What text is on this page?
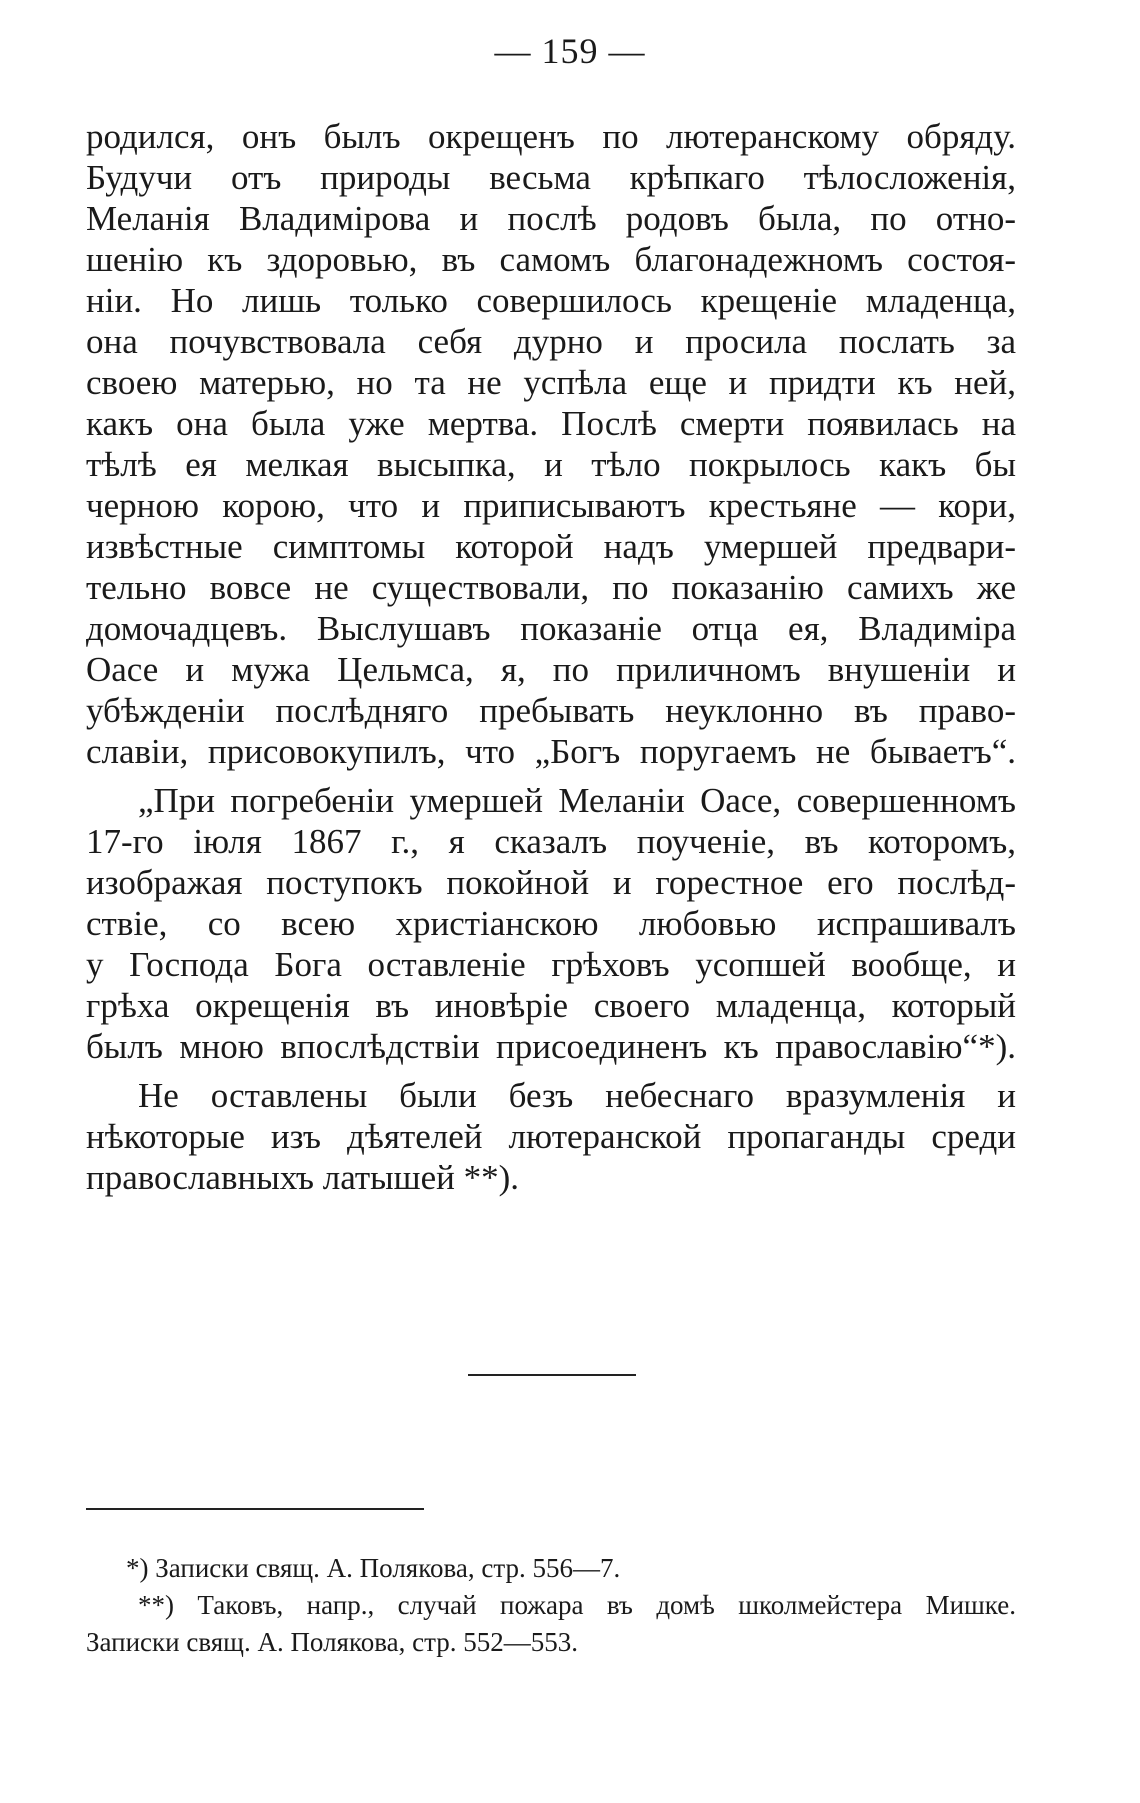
— 159 —
родился, онъ былъ окрещенъ по лютеранскому обряду.
Будучи отъ природы весьма крѣпкаго тѣлосложенія,
Меланія Владимірова и послѣ родовъ была, по отно-
шенію къ здоровью, въ самомъ благонадежномъ состоя-
ніи. Но лишь только совершилось крещеніе младенца,
она почувствовала себя дурно и просила послать за
своею матерью, но та не успѣла еще и придти къ ней,
какъ она была уже мертва. Послѣ смерти появилась на
тѣлѣ ея мелкая высыпка, и тѣло покрылось какъ бы
черною корою, что и приписываютъ крестьяне — кори,
извѣстные симптомы которой надъ умершей предвари-
тельно вовсе не существовали, по показанію самихъ же
домочадцевъ. Выслушавъ показаніе отца ея, Владиміра
Оасе и мужа Цельмса, я, по приличномъ внушеніи и
убѣжденіи послѣдняго пребывать неуклонно въ право-
славіи, присовокупилъ, что „Богъ поругаемъ не бываетъ“.
„При погребеніи умершей Меланіи Оасе, совершенномъ
17-го іюля 1867 г., я сказалъ поученіе, въ которомъ,
изображая поступокъ покойной и горестное его послѣд-
ствіе, со всею христіанскою любовью испрашивалъ
у Господа Бога оставленіе грѣховъ усопшей вообще, и
грѣха окрещенія въ иновѣріе своего младенца, который
былъ мною впослѣдствіи присоединенъ къ православію“*).
Не оставлены были безъ небеснаго вразумленія и
нѣкоторые изъ дѣятелей лютеранской пропаганды среди
православныхъ латышей **).
*) Записки свящ. А. Полякова, стр. 556—7.
**) Таковъ, напр., случай пожара въ домѣ школмейстера Мишке.
Записки свящ. А. Полякова, стр. 552—553.
